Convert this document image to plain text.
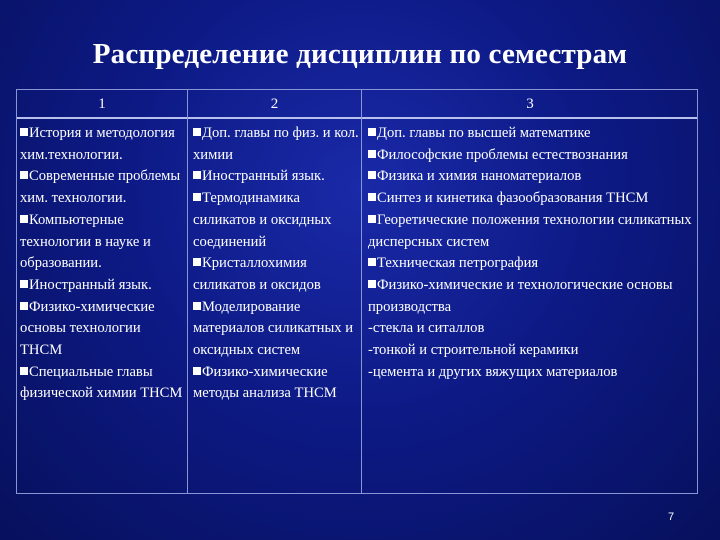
Распределение дисциплин по семестрам
1	2	3
История и методология хим.технологии.
Современные проблемы хим. технологии.
Компьютерные технологии в науке и образовании.
Иностранный язык.
Физико-химические основы технологии ТНСМ
Специальные главы физической химии ТНСМ
Доп. главы по физ. и кол. химии
Иностранный язык.
Термодинамика силикатов и оксидных соединений
Кристаллохимия силикатов и оксидов
Моделирование материалов силикатных и оксидных систем
Физико-химические методы анализа ТНСМ
Доп. главы по высшей математике
Философские проблемы естествознания
Физика и химия наноматериалов
Синтез и кинетика фазообразования ТНСМ
Георетические положения технологии силикатных дисперсных систем
Техническая петрография
Физико-химические и технологические основы производства
-стекла и ситаллов
-тонкой и строительной керамики
-цемента и других вяжущих материалов
7
